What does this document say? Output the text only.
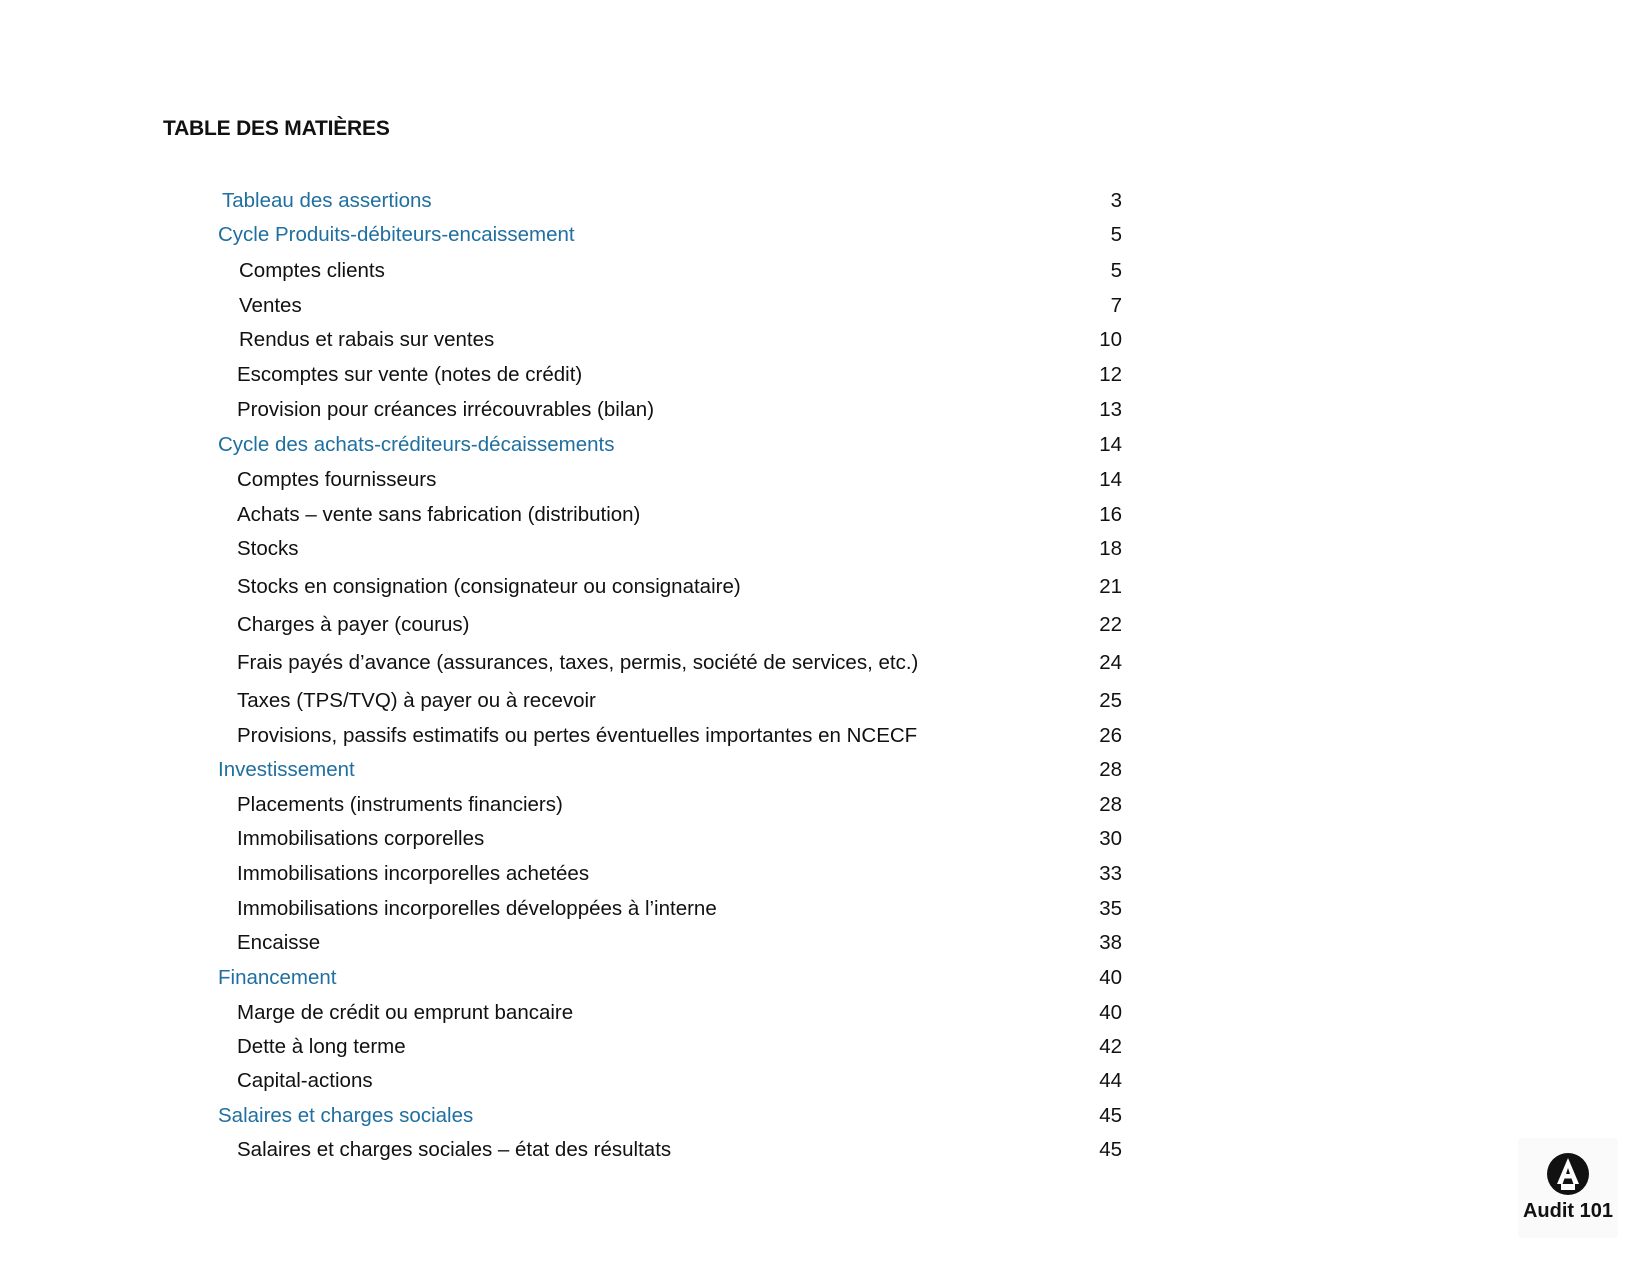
TABLE DES MATIÈRES
Tableau des assertions	3
Cycle Produits-débiteurs-encaissement	5
Comptes clients	5
Ventes	7
Rendus et rabais sur ventes	10
Escomptes sur vente (notes de crédit)	12
Provision pour créances irrécouvrables (bilan)	13
Cycle des achats-créditeurs-décaissements	14
Comptes fournisseurs	14
Achats – vente sans fabrication (distribution)	16
Stocks	18
Stocks en consignation (consignateur ou consignataire)	21
Charges à payer (courus)	22
Frais payés d’avance (assurances, taxes, permis, société de services, etc.)	24
Taxes (TPS/TVQ) à payer ou à recevoir	25
Provisions, passifs estimatifs ou pertes éventuelles importantes en NCECF	26
Investissement	28
Placements (instruments financiers)	28
Immobilisations corporelles	30
Immobilisations incorporelles achetées	33
Immobilisations incorporelles développées à l’interne	35
Encaisse	38
Financement	40
Marge de crédit ou emprunt bancaire	40
Dette à long terme	42
Capital-actions	44
Salaires et charges sociales	45
Salaires et charges sociales – état des résultats	45
Audit 101
